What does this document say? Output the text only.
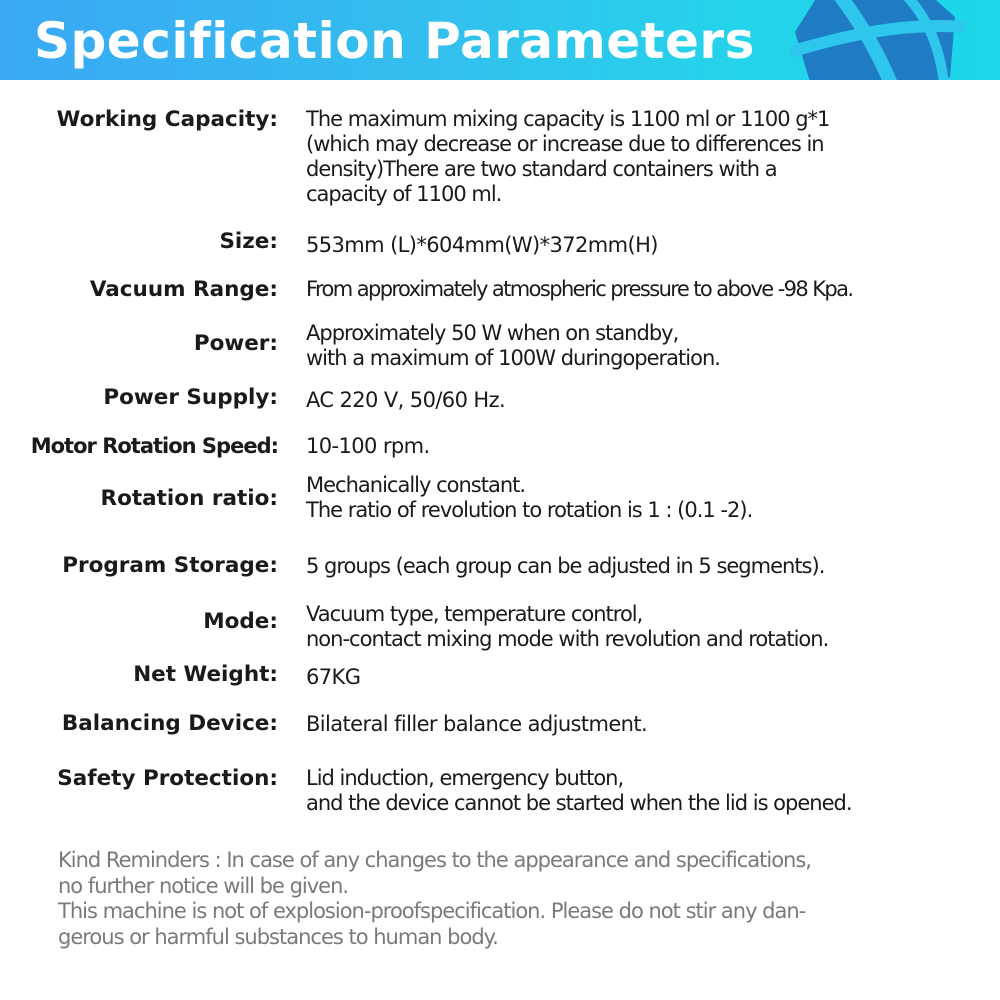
Specification Parameters
Working Capacity: The maximum mixing capacity is 1100 ml or 1100 g*1
(which may decrease or increase due to differences in
density)There are two standard containers with a
capacity of 1100 ml.
Size: 553mm (L)*604mm(W)*372mm(H)
Vacuum Range: From approximately atmospheric pressure to above -98 Kpa.
Power: Approximately 50 W when on standby,
with a maximum of 100W duringoperation.
Power Supply: AC 220 V, 50/60 Hz.
Motor Rotation Speed: 10-100 rpm.
Rotation ratio:
Mechanically constant.
The ratio of revolution to rotation is 1 : (0.1 -2).
Program Storage: 5 groups (each group can be adjusted in 5 segments).
Mode: Vacuum type, temperature control,
non-contact mixing mode with revolution and rotation.
Net Weight: 67KG
Balancing Device: Bilateral filler balance adjustment.
Safety Protection: Lid induction, emergency button,
and the device cannot be started when the lid is opened.
Kind Reminders : In case of any changes to the appearance and specifications,
no further notice will be given.
This machine is not of explosion-proofspecification. Please do not stir any dan-
gerous or harmful substances to human body.
